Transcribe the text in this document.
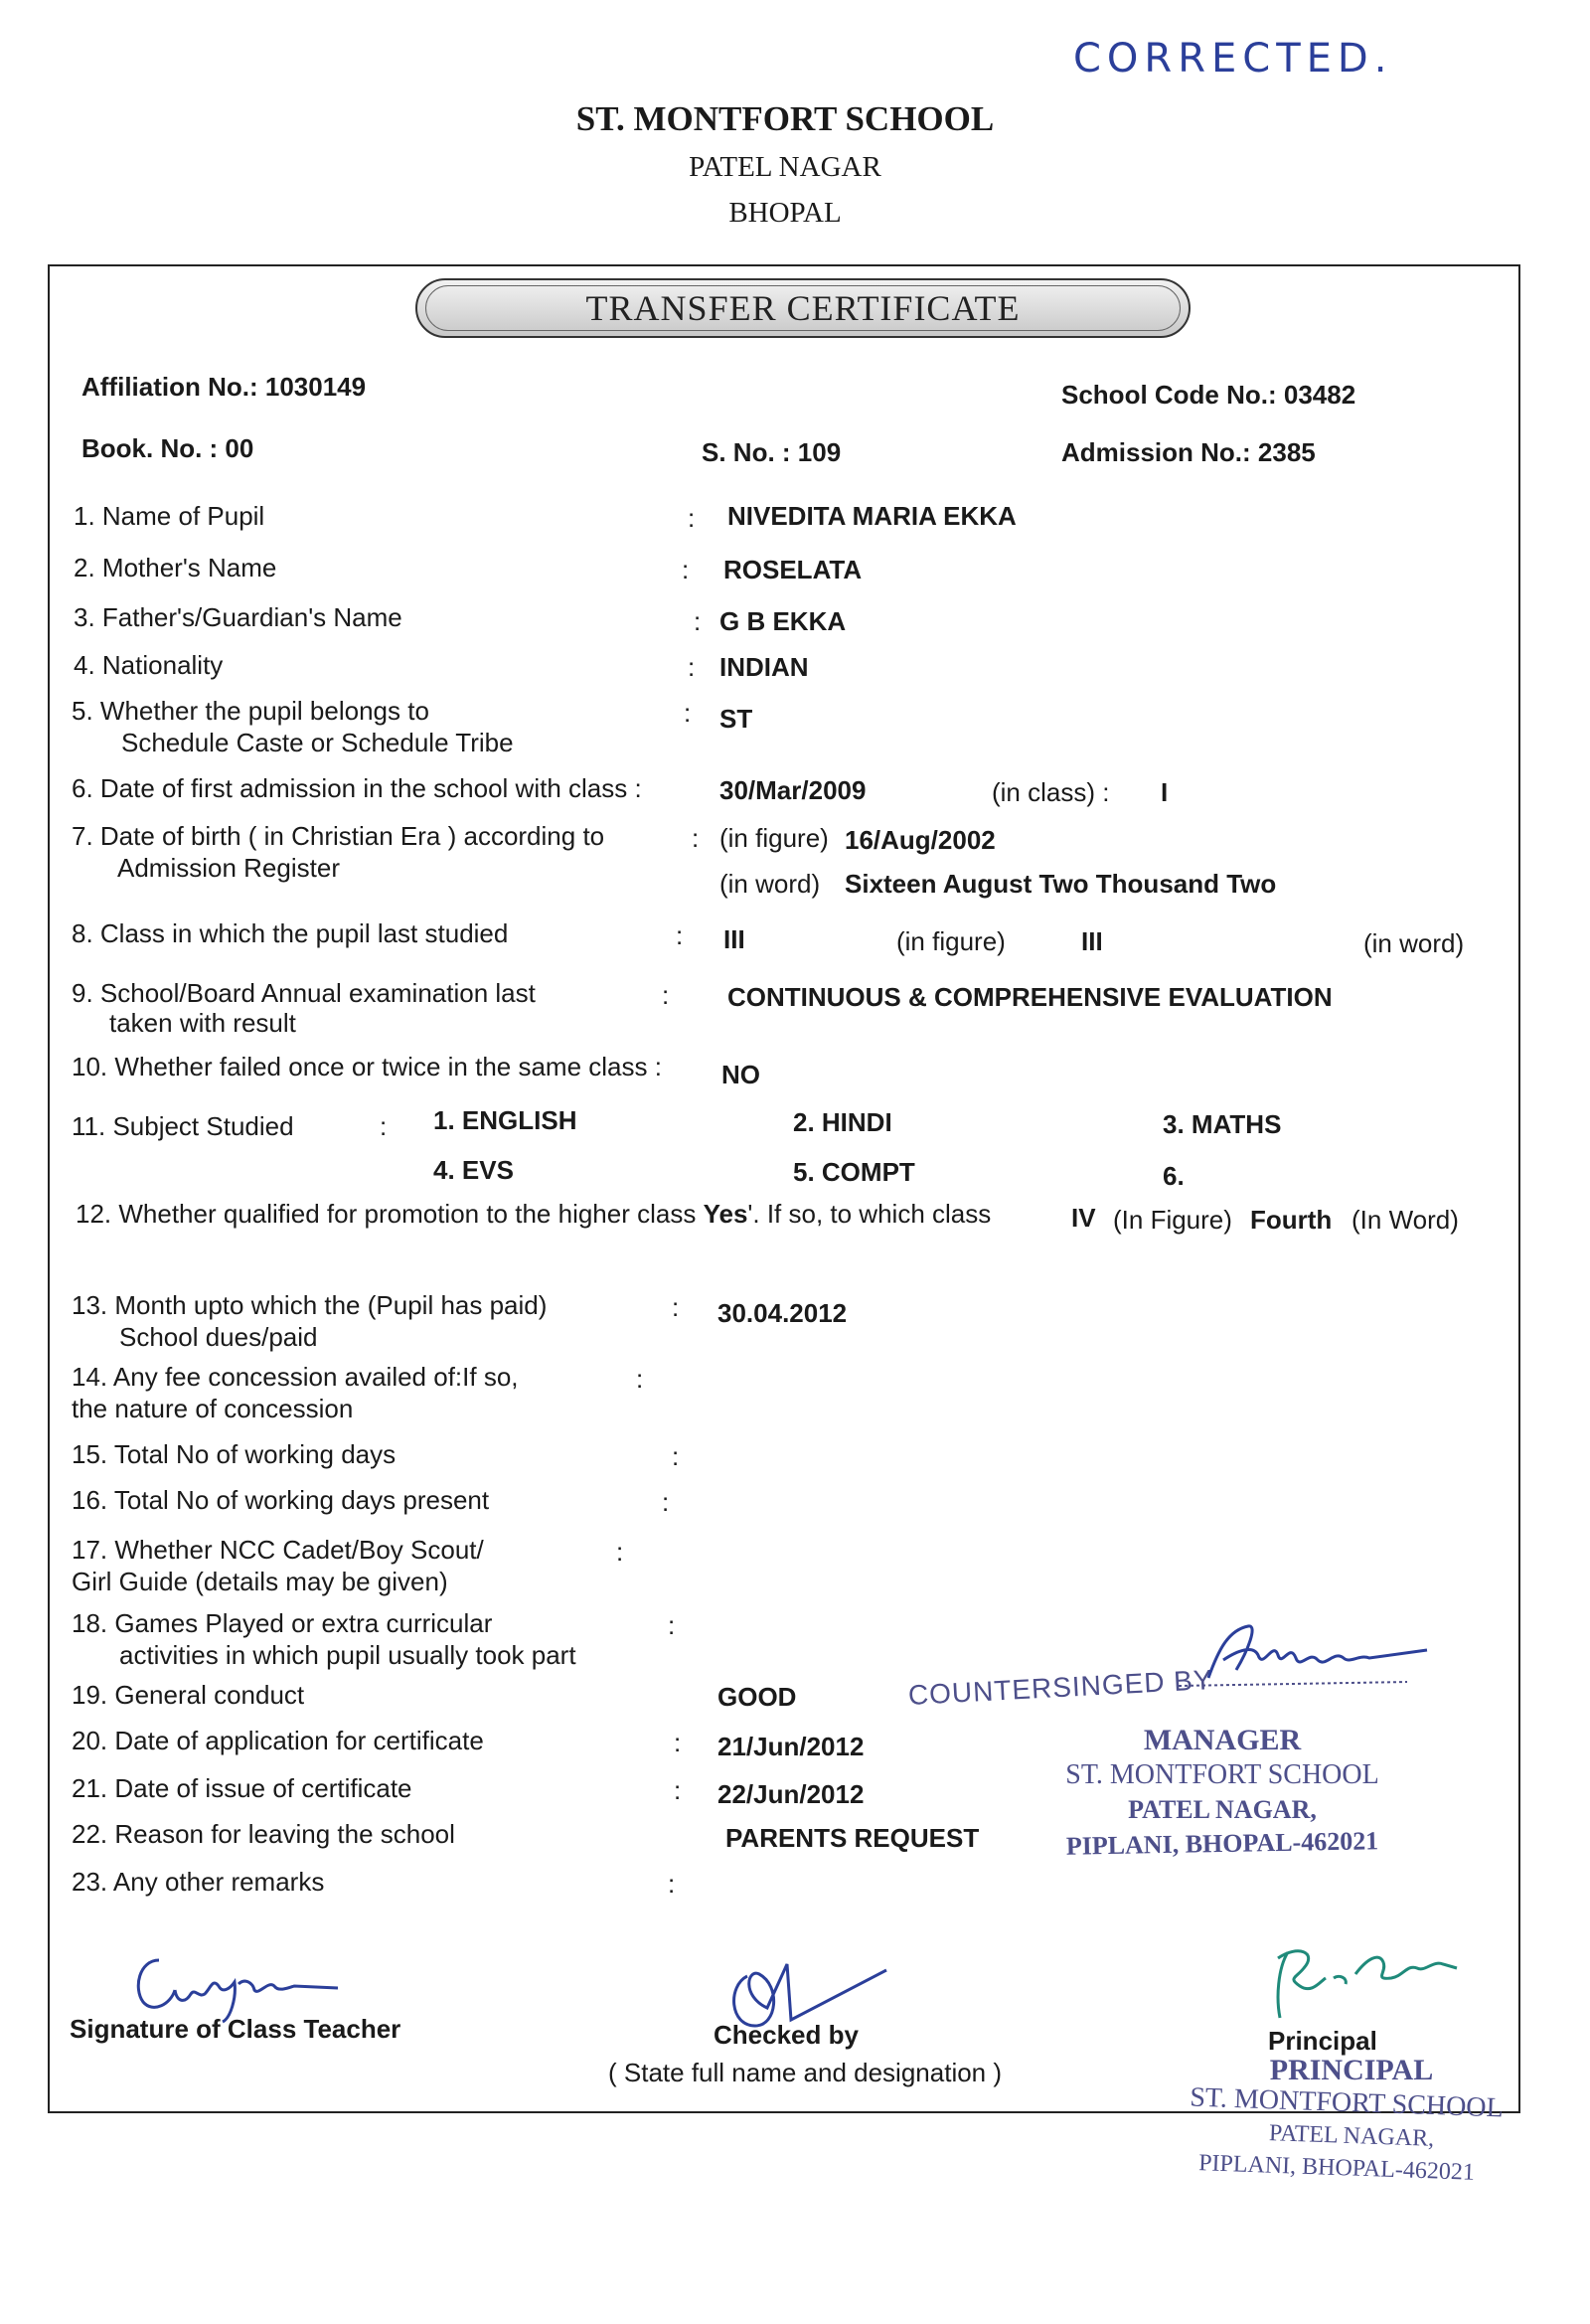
CORRECTED.
ST. MONTFORT SCHOOL
PATEL NAGAR
BHOPAL
TRANSFER CERTIFICATE
Affiliation No.: 1030149	School Code No.: 03482
Book. No. : 00	S. No. : 109	Admission No.: 2385
1. Name of Pupil	: NIVEDITA MARIA EKKA
2. Mother's Name	: ROSELATA
3. Father's/Guardian's Name	: G B EKKA
4. Nationality	: INDIAN
5. Whether the pupil belongs to
Schedule Caste or Schedule Tribe
: ST
6. Date of first admission in the school with class :	30/Mar/2009	(in class) : I
7. Date of birth ( in Christian Era ) according to
Admission Register
: (in figure) 16/Aug/2002
(in word) Sixteen August Two Thousand Two
8. Class in which the pupil last studied	: III	(in figure)	III	(in word)
9. School/Board Annual examination last
taken with result
: CONTINUOUS & COMPREHENSIVE EVALUATION
10. Whether failed once or twice in the same class : NO
11. Subject Studied	: 1. ENGLISH	2. HINDI	3. MATHS
4. EVS	5. COMPT	6.
12. Whether qualified for promotion to the higher class Yes'. If so, to which class	IV (In Figure) Fourth (In Word)
13. Month upto which the (Pupil has paid)
School dues/paid
: 30.04.2012
14. Any fee concession availed of:If so,
the nature of concession
:
15. Total No of working days	:
16. Total No of working days present	:
17. Whether NCC Cadet/Boy Scout/
Girl Guide (details may be given)
:
18. Games Played or extra curricular
activities in which pupil usually took part
:
19. General conduct	GOOD
20. Date of application for certificate	: 21/Jun/2012
21. Date of issue of certificate	: 22/Jun/2012
22. Reason for leaving the school	PARENTS REQUEST
23. Any other remarks	:
COUNTERSINGED BY
MANAGER
ST. MONTFORT SCHOOL
PATEL NAGAR,
PIPLANI, BHOPAL-462021
Signature of Class Teacher	Checked by
( State full name and designation )
Principal
PRINCIPAL
ST. MONTFORT SCHOOL
PATEL NAGAR,
PIPLANI, BHOPAL-462021
